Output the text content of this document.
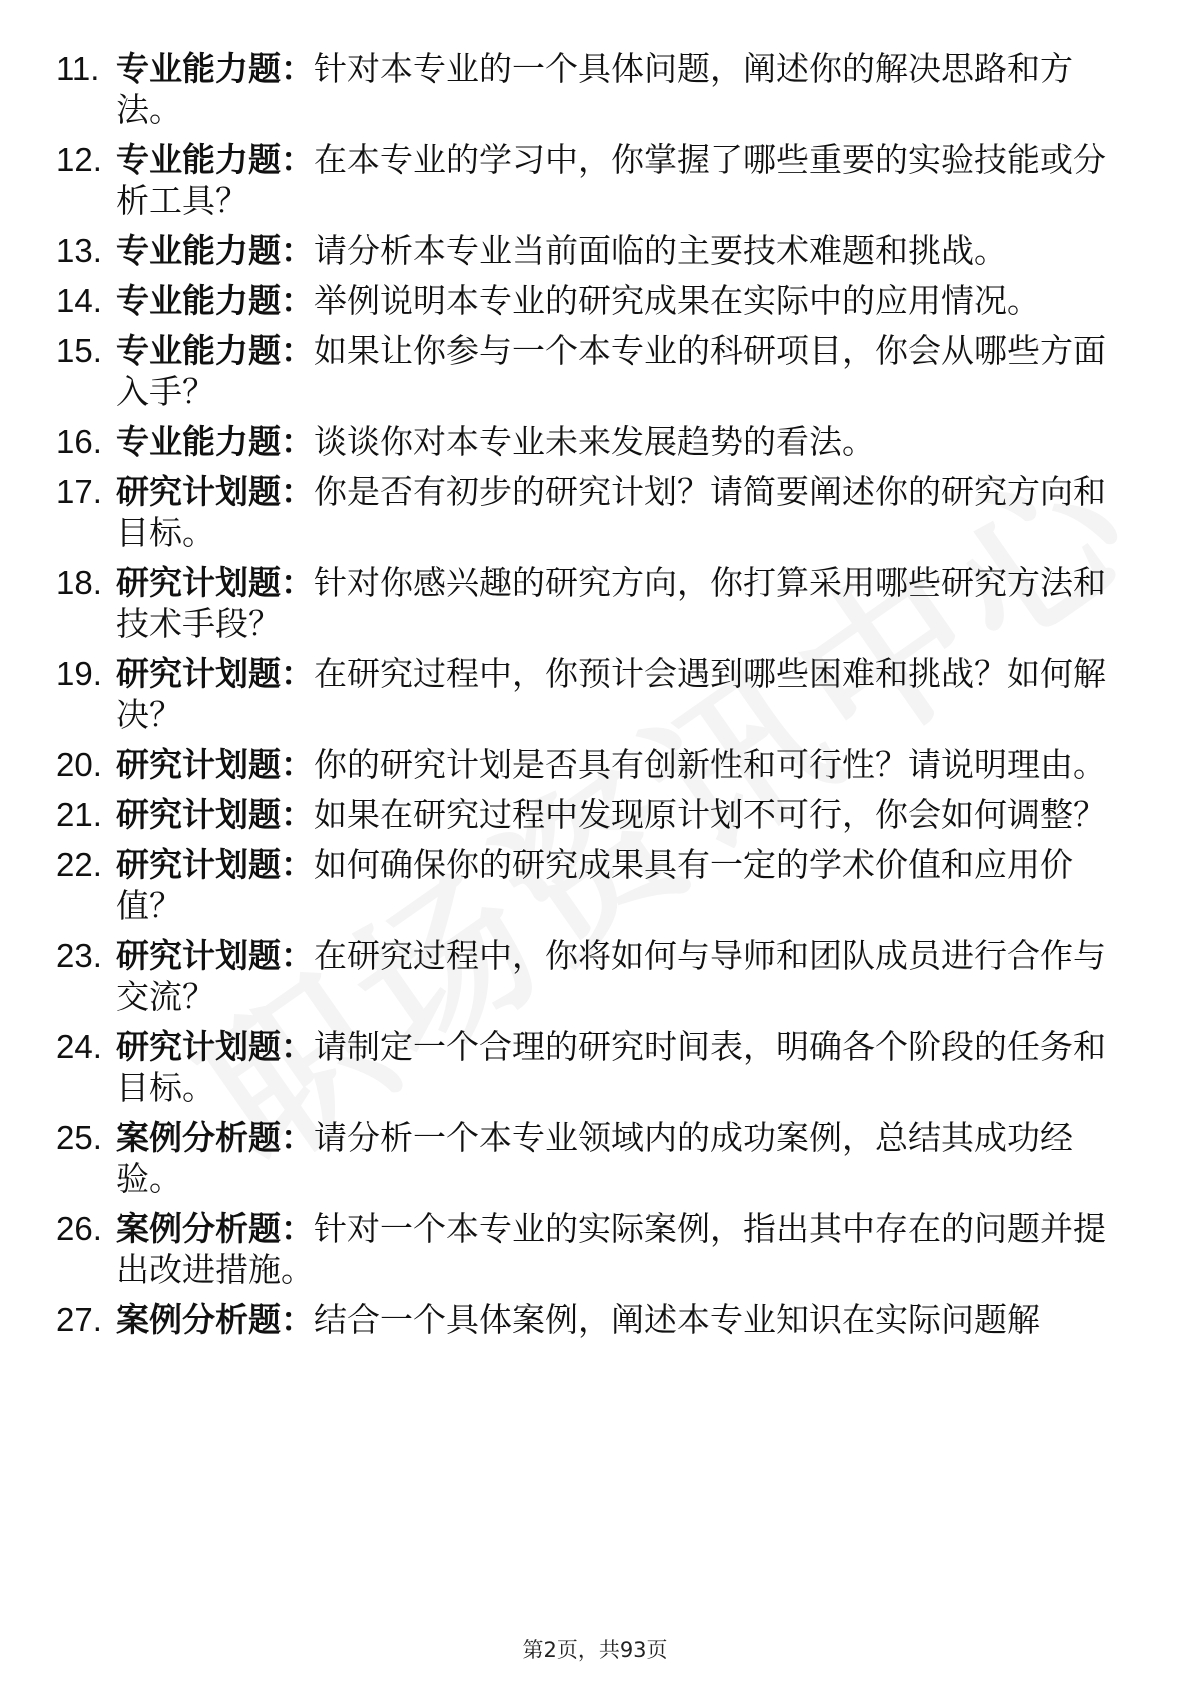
11. 专业能力题：针对本专业的一个具体问题，阐述你的解决思路和方法。
12. 专业能力题：在本专业的学习中，你掌握了哪些重要的实验技能或分析工具？
13. 专业能力题：请分析本专业当前面临的主要技术难题和挑战。
14. 专业能力题：举例说明本专业的研究成果在实际中的应用情况。
15. 专业能力题：如果让你参与一个本专业的科研项目，你会从哪些方面入手？
16. 专业能力题：谈谈你对本专业未来发展趋势的看法。
17. 研究计划题：你是否有初步的研究计划？请简要阐述你的研究方向和目标。
18. 研究计划题：针对你感兴趣的研究方向，你打算采用哪些研究方法和技术手段？
19. 研究计划题：在研究过程中，你预计会遇到哪些困难和挑战？如何解决？
20. 研究计划题：你的研究计划是否具有创新性和可行性？请说明理由。
21. 研究计划题：如果在研究过程中发现原计划不可行，你会如何调整？
22. 研究计划题：如何确保你的研究成果具有一定的学术价值和应用价值？
23. 研究计划题：在研究过程中，你将如何与导师和团队成员进行合作与交流？
24. 研究计划题：请制定一个合理的研究时间表，明确各个阶段的任务和目标。
25. 案例分析题：请分析一个本专业领域内的成功案例，总结其成功经验。
26. 案例分析题：针对一个本专业的实际案例，指出其中存在的问题并提出改进措施。
27. 案例分析题：结合一个具体案例，阐述本专业知识在实际问题解
第2页，共93页
